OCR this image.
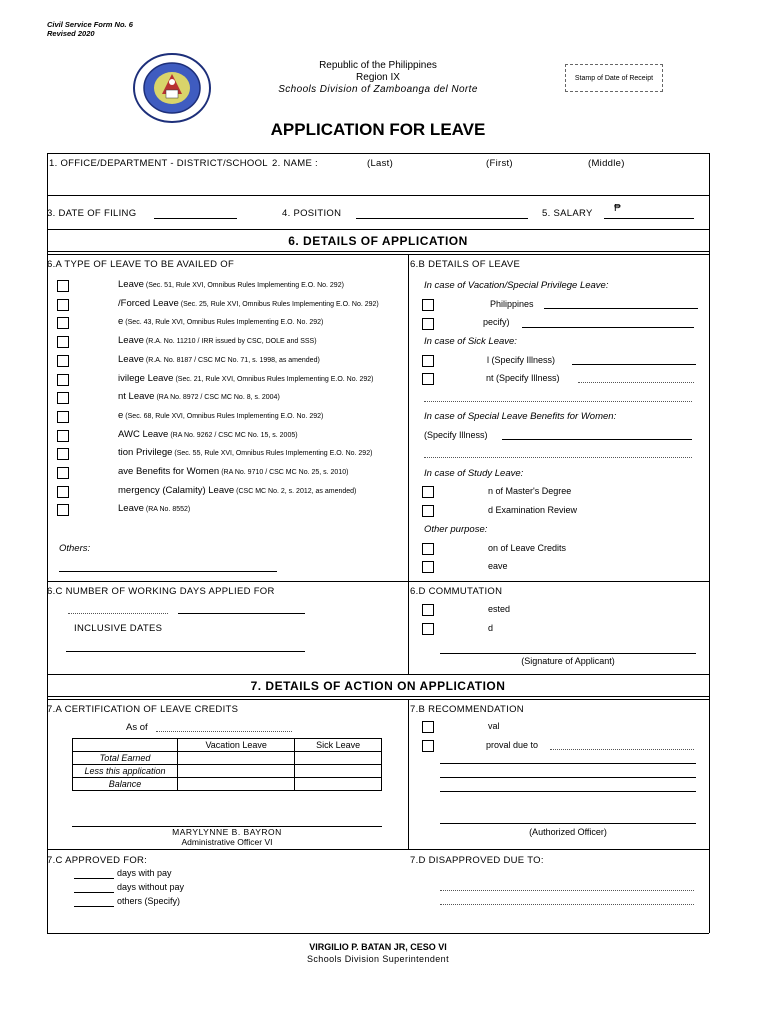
Civil Service Form No. 6
Revised 2020
Republic of the Philippines
Region IX
Schools Division of Zamboanga del Norte
Stamp of Date of Receipt
APPLICATION FOR LEAVE
1. OFFICE/DEPARTMENT - DISTRICT/SCHOOL 2. NAME :	(Last)	(First)	(Middle)
3. DATE OF FILING	4. POSITION	5. SALARY ₱
6. DETAILS OF APPLICATION
6.A TYPE OF LEAVE TO BE AVAILED OF
Leave (Sec. 51, Rule XVI, Omnibus Rules Implementing E.O. No. 292)
/Forced Leave (Sec. 25, Rule XVI, Omnibus Rules Implementing E.O. No. 292)
e (Sec. 43, Rule XVI, Omnibus Rules Implementing E.O. No. 292)
Leave (R.A. No. 11210 / IRR issued by CSC, DOLE and SSS)
Leave (R.A. No. 8187 / CSC MC No. 71, s. 1998, as amended)
ivilege Leave (Sec. 21, Rule XVI, Omnibus Rules Implementing E.O. No. 292)
nt Leave (RA No. 8972 / CSC MC No. 8, s. 2004)
e (Sec. 68, Rule XVI, Omnibus Rules Implementing E.O. No. 292)
AWC Leave (RA No. 9262 / CSC MC No. 15, s. 2005)
tion Privilege (Sec. 55, Rule XVI, Omnibus Rules Implementing E.O. No. 292)
ave Benefits for Women (RA No. 9710 / CSC MC No. 25, s. 2010)
mergency (Calamity) Leave (CSC MC No. 2, s. 2012, as amended)
Leave (RA No. 8552)
Others:
6.B DETAILS OF LEAVE
In case of Vacation/Special Privilege Leave:
Philippines
pecify)
In case of Sick Leave:
l (Specify Illness)
nt (Specify Illness)
In case of Special Leave Benefits for Women:
(Specify Illness)
In case of Study Leave:
n of Master's Degree
d Examination Review
Other purpose:
on of Leave Credits
eave
6.C NUMBER OF WORKING DAYS APPLIED FOR
INCLUSIVE DATES
6.D COMMUTATION
ested
d
(Signature of Applicant)
7. DETAILS OF ACTION ON APPLICATION
7.A CERTIFICATION OF LEAVE CREDITS
As of
	Vacation Leave	Sick Leave
Total Earned		
Less this application		
Balance		
MARYLYNNE B. BAYRON
Administrative Officer VI
7.B RECOMMENDATION
val
proval due to
(Authorized Officer)
7.C APPROVED FOR:
days with pay
days without pay
others (Specify)
7.D DISAPPROVED DUE TO:
VIRGILIO P. BATAN JR, CESO VI
Schools Division Superintendent
